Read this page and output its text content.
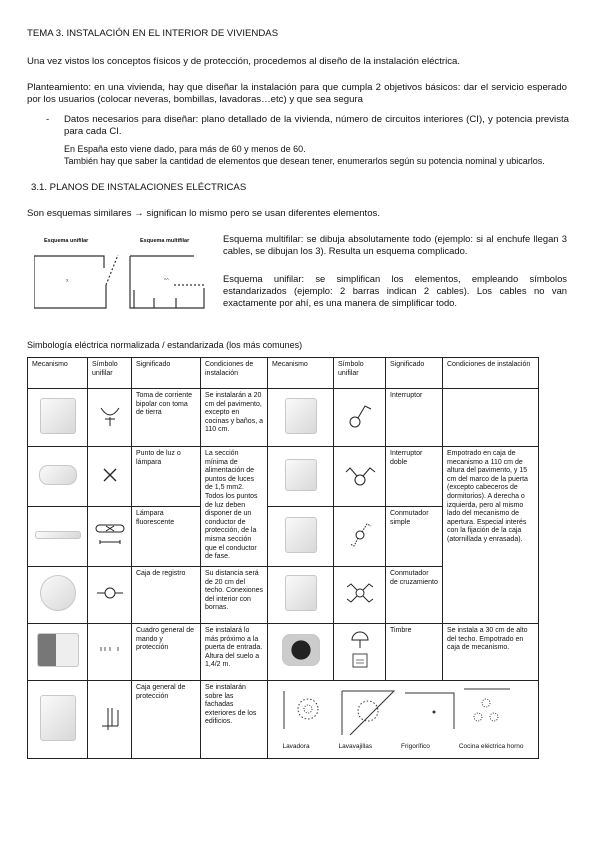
TEMA 3. INSTALACIÓN EN EL INTERIOR DE VIVIENDAS
Una vez vistos los conceptos físicos y de protección, procedemos al diseño de la instalación eléctrica.
Planteamiento: en una vivienda, hay que diseñar la instalación para que cumpla 2 objetivos básicos: dar el servicio esperado por los usuarios (colocar neveras, bombillas, lavadoras…etc) y que sea segura
- Datos necesarios para diseñar: plano detallado de la vivienda, número de circuitos interiores (CI), y potencia prevista para cada CI.
En España esto viene dado, para más de 60 y menos de 60.
También hay que saber la cantidad de elementos que desean tener, enumerarlos según su potencia nominal y ubicarlos.
3.1. PLANOS DE INSTALACIONES ELÉCTRICAS
Son esquemas similares → significan lo mismo pero se usan diferentes elementos.
Esquema unifilar	Esquema multifilar
x	^^
Esquema multifilar: se dibuja absolutamente todo (ejemplo: si al enchufe llegan 3 cables, se dibujan los 3). Resulta un esquema complicado.
Esquema unifilar: se simplifican los elementos, empleando símbolos estandarizados (ejemplo: 2 barras indican 2 cables). Los cables no van exactamente por ahí, es una manera de simplificar todo.
Simbología eléctrica normalizada / estandarizada (los más comunes)
Mecanismo	Símbolo unifilar	Significado	Condiciones de instalación	Mecanismo	Símbolo unifilar	Significado	Condiciones de instalación
		Toma de corriente bipolar con toma de tierra	Se instalarán a 20 cm del pavimento, excepto en cocinas y baños, a 110 cm.			Interruptor	
		Punto de luz o lámpara	La sección mínima de alimentación de puntos de luces de 1,5 mm2. Todos los puntos de luz deben disponer de un conductor de protección, de la misma sección que el conductor de fase.			Interruptor doble	Empotrado en caja de mecanismo a 110 cm de altura del pavimento, y 15 cm del marco de la puerta (excepto cabeceros de dormitorios). A derecha o izquierda, pero al mismo lado del mecanismo de apertura. Especial interés con la fijación de la caja (atornillada y enrasada).
		Lámpara fluorescente				Conmutador simple	
		Caja de registro	Su distancia será de 20 cm del techo. Conexiones del interior con bornas.			Conmutador de cruzamiento	
		Cuadro general de mando y protección	Se instalará lo más próximo a la puerta de entrada. Altura del suelo a 1,4/2 m.			Timbre	Se instala a 30 cm de alto del techo. Empotrado en caja de mecanismo.
		Caja general de protección	Se instalarán sobre las fachadas exteriores de los edificios.	Lavadora Lavavajillas Frigorífico Cocina eléctrica horno			
